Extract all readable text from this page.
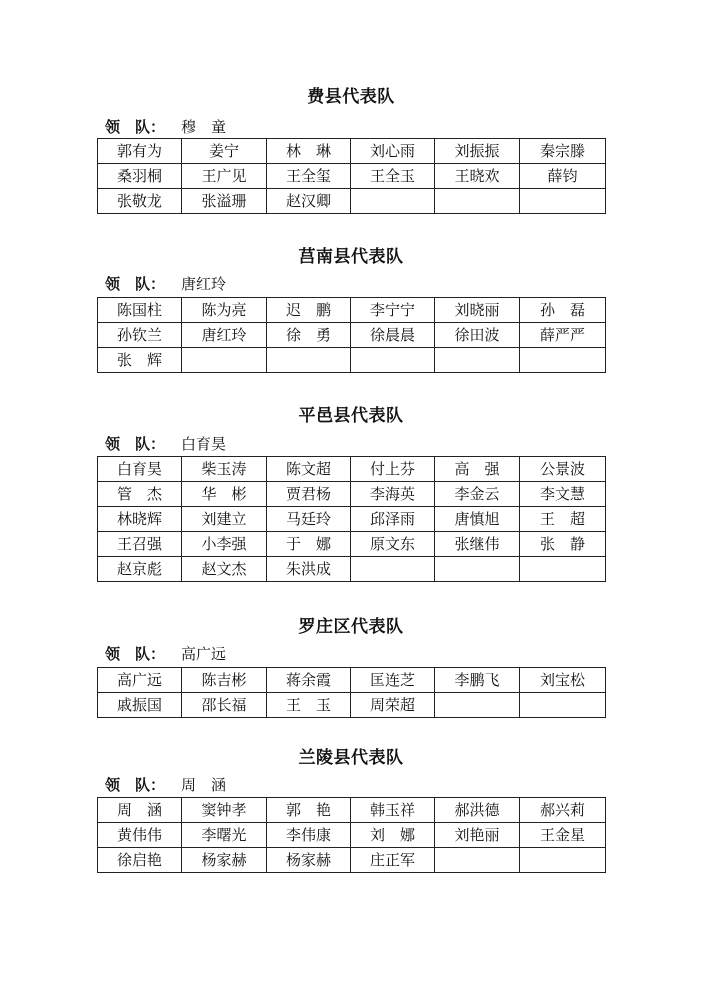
费县代表队
领　队： 穆　童
郭有为	姜宁	林　琳	刘心雨	刘振振	秦宗滕
桑羽桐	王广见	王全玺	王全玉	王晓欢	薛钧
张敬龙	张溢珊	赵汉卿			
莒南县代表队
领　队： 唐红玲
陈国柱	陈为亮	迟　鹏	李宁宁	刘晓丽	孙　磊
孙钦兰	唐红玲	徐　勇	徐晨晨	徐田波	薛严严
张　辉					
平邑县代表队
领　队： 白育昊
白育昊	柴玉涛	陈文超	付上芬	高　强	公景波
管　杰	华　彬	贾君杨	李海英	李金云	李文慧
林晓辉	刘建立	马廷玲	邱泽雨	唐慎旭	王　超
王召强	小李强	于　娜	原文东	张继伟	张　静
赵京彪	赵文杰	朱洪成			
罗庄区代表队
领　队： 高广远
高广远	陈吉彬	蒋余霞	匡连芝	李鹏飞	刘宝松
戚振国	邵长福	王　玉	周荣超		
兰陵县代表队
领　队： 周　涵
周　涵	窦钟孝	郭　艳	韩玉祥	郝洪德	郝兴莉
黄伟伟	李曙光	李伟康	刘　娜	刘艳丽	王金星
徐启艳	杨家赫	杨家赫	庄正军		
